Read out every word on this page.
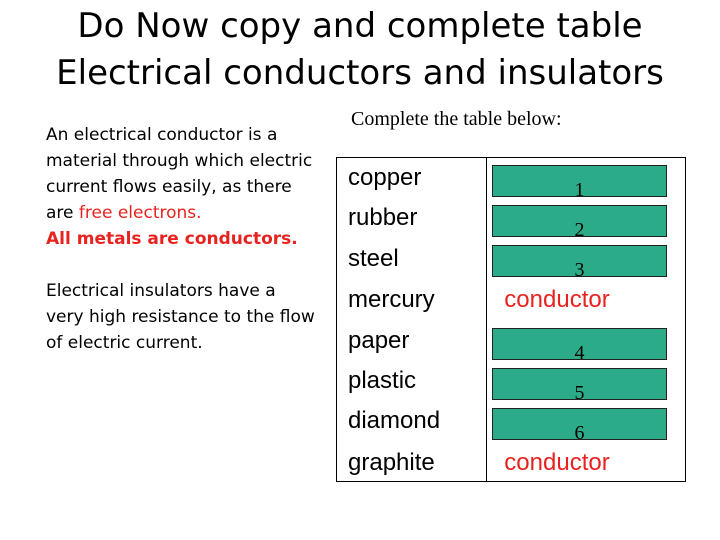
Do Now copy and complete table
Electrical conductors and insulators

An electrical conductor is a material through which electric current flows easily, as there are free electrons.
All metals are conductors.

Electrical insulators have a very high resistance to the flow of electric current.

Complete the table below:
copper
rubber
steel
mercury
paper
plastic
diamond
graphite
1
2
3
conductor
4
5
6
conductor
